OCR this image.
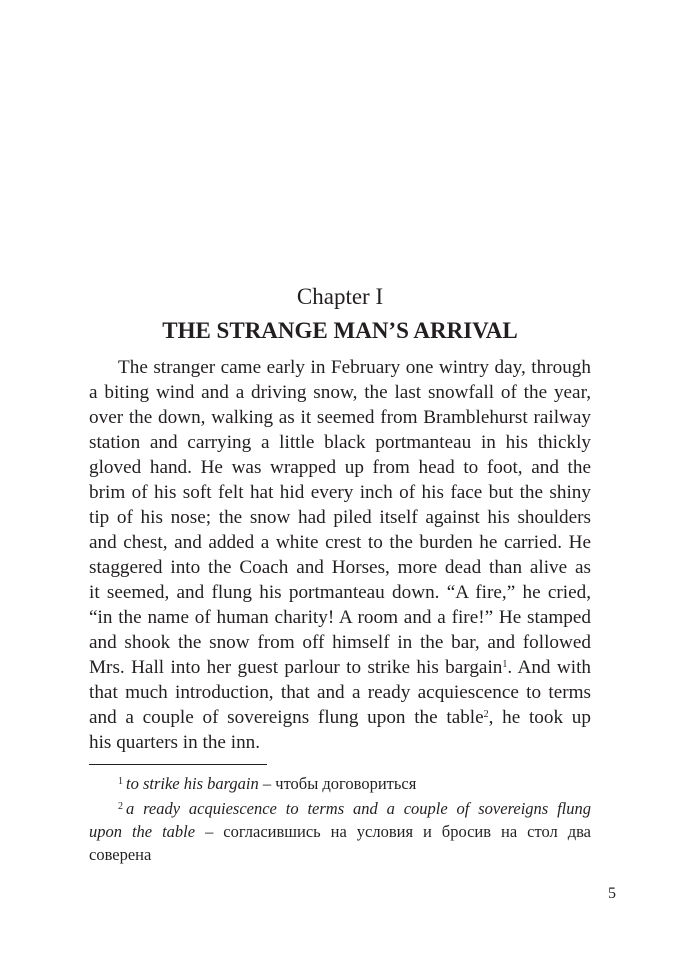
Chapter I
THE STRANGE MAN’S ARRIVAL
The stranger came early in February one wintry day, through
a biting wind and a driving snow, the last snowfall of the year,
over the down, walking as it seemed from Bramblehurst railway
station and carrying a little black portmanteau in his thickly
gloved hand. He was wrapped up from head to foot, and the
brim of his soft felt hat hid every inch of his face but the shiny
tip of his nose; the snow had piled itself against his shoulders
and chest, and added a white crest to the burden he carried. He
staggered into the Coach and Horses, more dead than alive as
it seemed, and flung his portmanteau down. “A fire,” he cried,
“in the name of human charity! A room and a fire!” He stamped
and shook the snow from off himself in the bar, and followed
Mrs. Hall into her guest parlour to strike his bargain$^1$. And with
that much introduction, that and a ready acquiescence to terms
and a couple of sovereigns flung upon the table$^2$, he took up
his quarters in the inn.
$^1$ to strike his bargain – чтобы договориться
$^2$ a ready acquiescence to terms and a couple of sovereigns flung
upon the table – согласившись на условия и бросив на стол два
соверена
5
